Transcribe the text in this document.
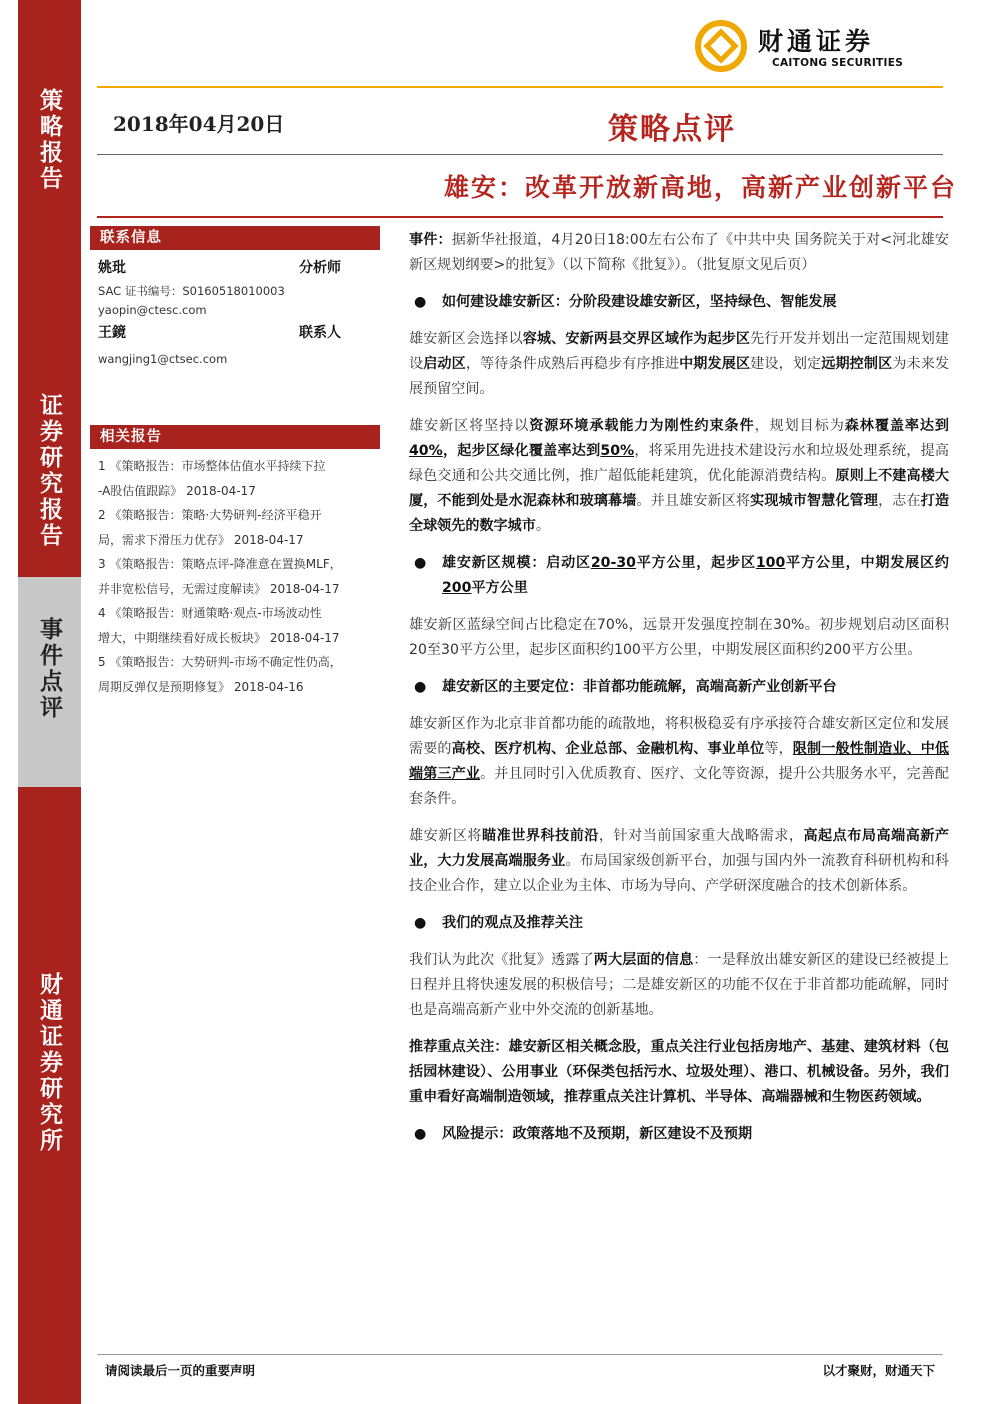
策略报告
证券研究报告
事件点评
财通证券研究所
财通证券
CAITONG SECURITIES
2018年04月20日	策略点评
雄安：改革开放新高地，高新产业创新平台
联系信息
姚玭	分析师
SAC 证书编号：S0160518010003
yaopin@ctesc.com
王鏡	联系人
wangjing1@ctsec.com
相关报告
1 《策略报告：市场整体估值水平持续下拉
-A股估值跟踪》 2018-04-17
2 《策略报告：策略·大势研判-经济平稳开
局，需求下滑压力优存》 2018-04-17
3 《策略报告：策略点评-降准意在置换MLF，
并非宽松信号，无需过度解读》 2018-04-17
4 《策略报告：财通策略·观点-市场波动性
增大，中期继续看好成长板块》 2018-04-17
5 《策略报告：大势研判-市场不确定性仍高，
周期反弹仅是预期修复》 2018-04-16

事件：据新华社报道，4月20日18:00左右公布了《中共中央 国务院关于对<河北雄安新区规划纲要>的批复》（以下简称《批复》）。（批复原文见后页）

● 如何建设雄安新区：分阶段建设雄安新区，坚持绿色、智能发展

雄安新区会选择以容城、安新两县交界区域作为起步区先行开发并划出一定范围规划建设启动区，等待条件成熟后再稳步有序推进中期发展区建设，划定远期控制区为未来发展预留空间。

雄安新区将坚持以资源环境承载能力为刚性约束条件，规划目标为森林覆盖率达到40%，起步区绿化覆盖率达到50%，将采用先进技术建设污水和垃圾处理系统，提高绿色交通和公共交通比例，推广超低能耗建筑，优化能源消费结构。原则上不建高楼大厦，不能到处是水泥森林和玻璃幕墙。并且雄安新区将实现城市智慧化管理，志在打造全球领先的数字城市。

● 雄安新区规模：启动区20-30平方公里，起步区100平方公里，中期发展区约200平方公里

雄安新区蓝绿空间占比稳定在70%，远景开发强度控制在30%。初步规划启动区面积20至30平方公里，起步区面积约100平方公里，中期发展区面积约200平方公里。

● 雄安新区的主要定位：非首都功能疏解，高端高新产业创新平台

雄安新区作为北京非首都功能的疏散地，将积极稳妥有序承接符合雄安新区定位和发展需要的高校、医疗机构、企业总部、金融机构、事业单位等，限制一般性制造业、中低端第三产业。并且同时引入优质教育、医疗、文化等资源，提升公共服务水平，完善配套条件。

雄安新区将瞄准世界科技前沿，针对当前国家重大战略需求，高起点布局高端高新产业，大力发展高端服务业。布局国家级创新平台，加强与国内外一流教育科研机构和科技企业合作，建立以企业为主体、市场为导向、产学研深度融合的技术创新体系。

● 我们的观点及推荐关注

我们认为此次《批复》透露了两大层面的信息：一是释放出雄安新区的建设已经被提上日程并且将快速发展的积极信号；二是雄安新区的功能不仅在于非首都功能疏解，同时也是高端高新产业中外交流的创新基地。

推荐重点关注：雄安新区相关概念股，重点关注行业包括房地产、基建、建筑材料（包括园林建设）、公用事业（环保类包括污水、垃圾处理）、港口、机械设备。另外，我们重申看好高端制造领域，推荐重点关注计算机、半导体、高端器械和生物医药领域。

● 风险提示：政策落地不及预期，新区建设不及预期

请阅读最后一页的重要声明	以才聚财，财通天下
